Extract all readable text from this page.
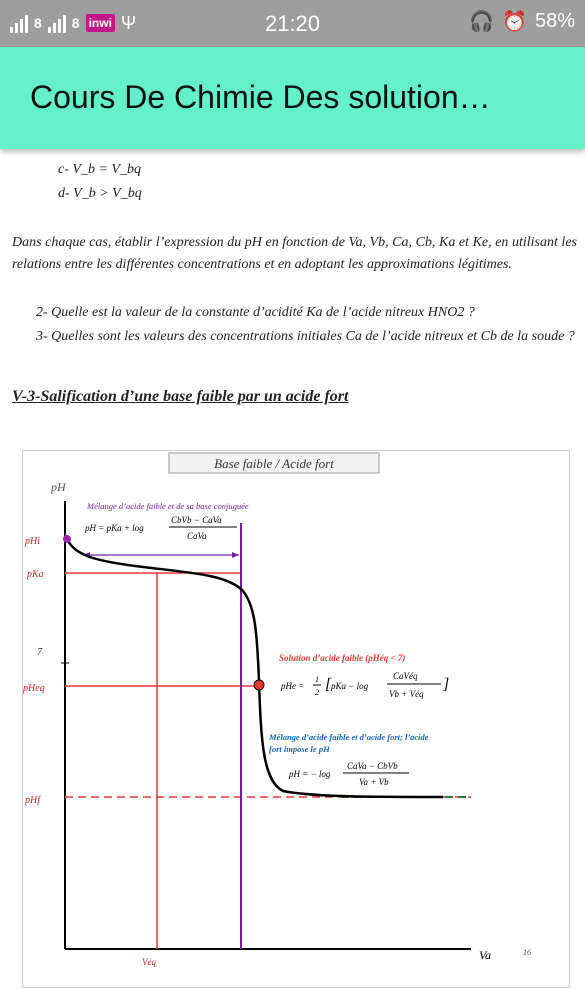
8 8 inwi Ψ	21:20	🎧 ⏰ 58%
Cours De Chimie Des solution…

c- V_b = V_bq

d- V_b > V_bq

Dans chaque cas, établir l’expression du pH en fonction de Va, Vb, Ca, Cb, Ka et Ke, en utilisant les relations entre les différentes concentrations et en adoptant les approximations légitimes.

2- Quelle est la valeur de la constante d’acidité Ka de l’acide nitreux HNO2 ?

3- Quelles sont les valeurs des concentrations initiales Ca de l’acide nitreux et Cb de la soude ?

V-3-Salification d’une base faible par un acide fort

Base faible / Acide fort
pH
Va
pHi
pKa
7
pHeq
pHf
Véq
16
Mélange d’acide faible et de sa base conjuguée
pH = pKa + log
CbVb − CaVa
CaVa
Solution d’acide faible (pHéq < 7)
pHe =
1
2 [ pKa − log
CaVéq
Vb + Véq
]
Mélange d’acide faible et d’acide fort; l’acide
fort impose le pH
pH = − log
CaVa − CbVb
Va + Vb
